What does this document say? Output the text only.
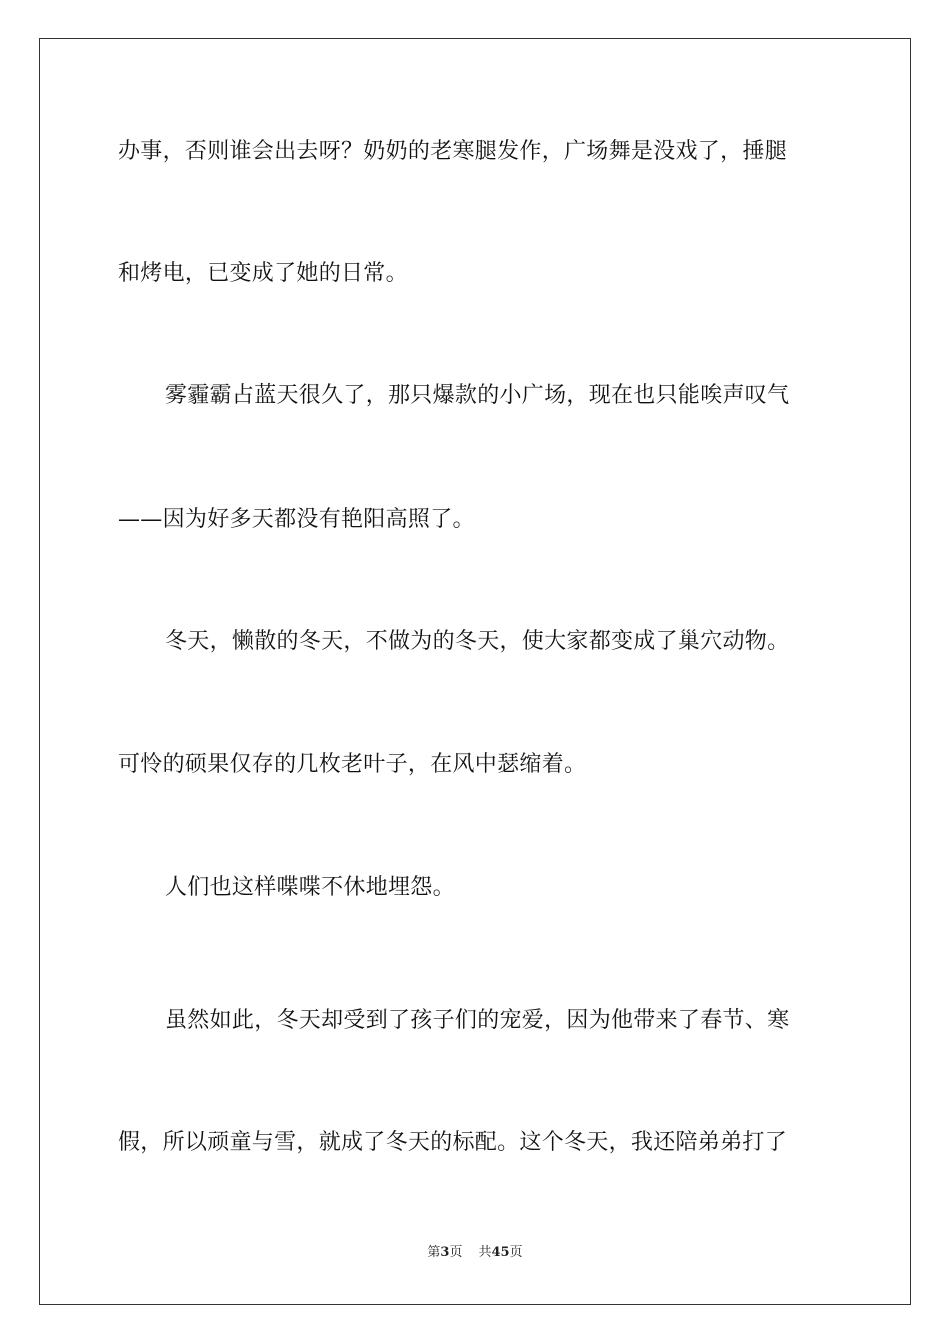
办事，否则谁会出去呀？奶奶的老寒腿发作，广场舞是没戏了，捶腿
和烤电，已变成了她的日常。
雾霾霸占蓝天很久了，那只爆款的小广场，现在也只能唉声叹气
——因为好多天都没有艳阳高照了。
冬天，懒散的冬天，不做为的冬天，使大家都变成了巢穴动物。
可怜的硕果仅存的几枚老叶子，在风中瑟缩着。
人们也这样喋喋不休地埋怨。
虽然如此，冬天却受到了孩子们的宠爱，因为他带来了春节、寒
假，所以顽童与雪，就成了冬天的标配。这个冬天，我还陪弟弟打了
第3页 共45页
